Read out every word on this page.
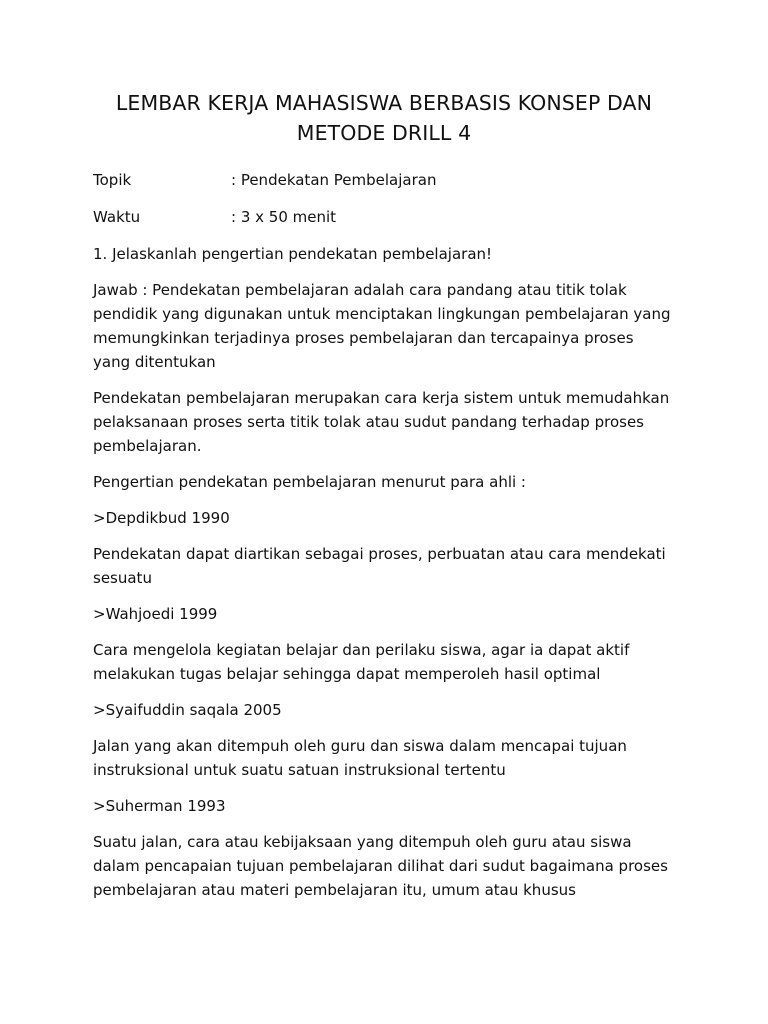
LEMBAR KERJA MAHASISWA BERBASIS KONSEP DAN
METODE DRILL 4
Topik	: Pendekatan Pembelajaran
Waktu	: 3 x 50 menit

1. Jelaskanlah pengertian pendekatan pembelajaran!

Jawab : Pendekatan pembelajaran adalah cara pandang atau titik tolak pendidik yang digunakan untuk menciptakan lingkungan pembelajaran yang memungkinkan terjadinya proses pembelajaran dan tercapainya proses yang ditentukan

Pendekatan pembelajaran merupakan cara kerja sistem untuk memudahkan pelaksanaan proses serta titik tolak atau sudut pandang terhadap proses pembelajaran.

Pengertian pendekatan pembelajaran menurut para ahli :

>Depdikbud 1990

Pendekatan dapat diartikan sebagai proses, perbuatan atau cara mendekati sesuatu

>Wahjoedi 1999

Cara mengelola kegiatan belajar dan perilaku siswa, agar ia dapat aktif melakukan tugas belajar sehingga dapat memperoleh hasil optimal

>Syaifuddin saqala 2005

Jalan yang akan ditempuh oleh guru dan siswa dalam mencapai tujuan instruksional untuk suatu satuan instruksional tertentu

>Suherman 1993

Suatu jalan, cara atau kebijaksaan yang ditempuh oleh guru atau siswa dalam pencapaian tujuan pembelajaran dilihat dari sudut bagaimana proses pembelajaran atau materi pembelajaran itu, umum atau khusus
